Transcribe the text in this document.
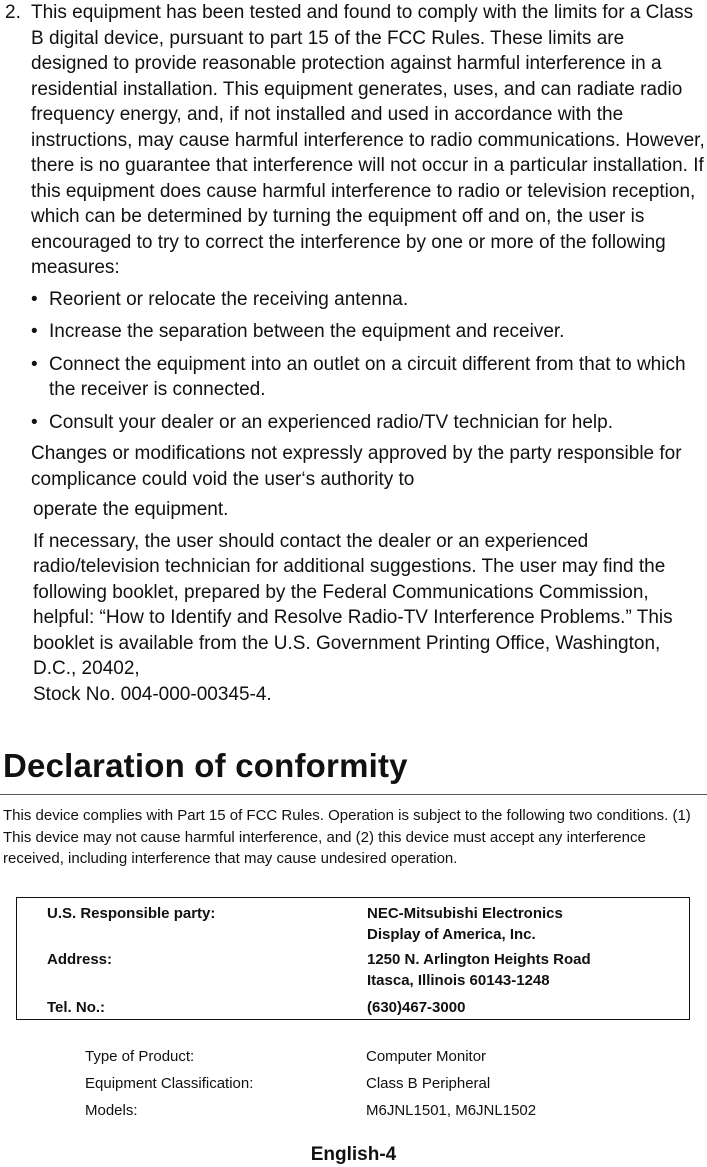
2. This equipment has been tested and found to comply with the limits for a Class B digital device, pursuant to part 15 of the FCC Rules. These limits are designed to provide reasonable protection against harmful interference in a residential installation. This equipment generates, uses, and can radiate radio frequency energy, and, if not installed and used in accordance with the instructions, may cause harmful interference to radio communications. However, there is no guarantee that interference will not occur in a particular installation. If this equipment does cause harmful interference to radio or television reception, which can be determined by turning the equipment off and on, the user is encouraged to try to correct the interference by one or more of the following measures:

• Reorient or relocate the receiving antenna.
• Increase the separation between the equipment and receiver.
• Connect the equipment into an outlet on a circuit different from that to which the receiver is connected.
• Consult your dealer or an experienced radio/TV technician for help.

Changes or modifications not expressly approved by the party responsible for complicance could void the user‘s authority to

operate the equipment.

If necessary, the user should contact the dealer or an experienced radio/television technician for additional suggestions. The user may find the following booklet, prepared by the Federal Communications Commission, helpful: “How to Identify and Resolve Radio-TV Interference Problems.” This booklet is available from the U.S. Government Printing Office, Washington, D.C., 20402,
Stock No. 004-000-00345-4.

Declaration of conformity

This device complies with Part 15 of FCC Rules. Operation is subject to the following two conditions. (1) This device may not cause harmful interference, and (2) this device must accept any interference received, including interference that may cause undesired operation.

U.S. Responsible party:	NEC-Mitsubishi Electronics
Display of America, Inc.
Address:	1250 N. Arlington Heights Road
Itasca, Illinois 60143-1248
Tel. No.:	(630)467-3000
Type of Product:	Computer Monitor
Equipment Classification:	Class B Peripheral
Models:	M6JNL1501, M6JNL1502
English-4
